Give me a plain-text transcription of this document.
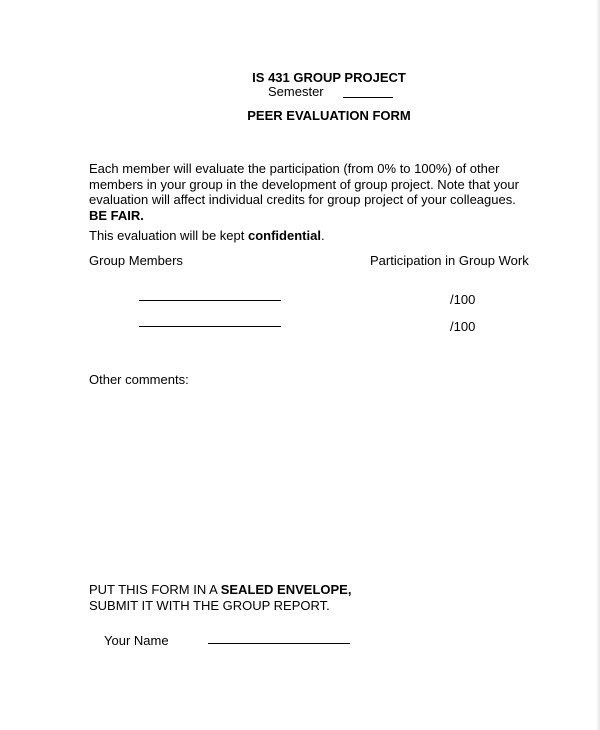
IS 431 GROUP PROJECT
Semester
PEER EVALUATION FORM
Each member will evaluate the participation (from 0% to 100%) of other
members in your group in the development of group project. Note that your
evaluation will affect individual credits for group project of your colleagues.
BE FAIR.
This evaluation will be kept confidential.
Group Members	Participation in Group Work
/100
/100
Other comments:
PUT THIS FORM IN A SEALED ENVELOPE,
SUBMIT IT WITH THE GROUP REPORT.
Your Name
